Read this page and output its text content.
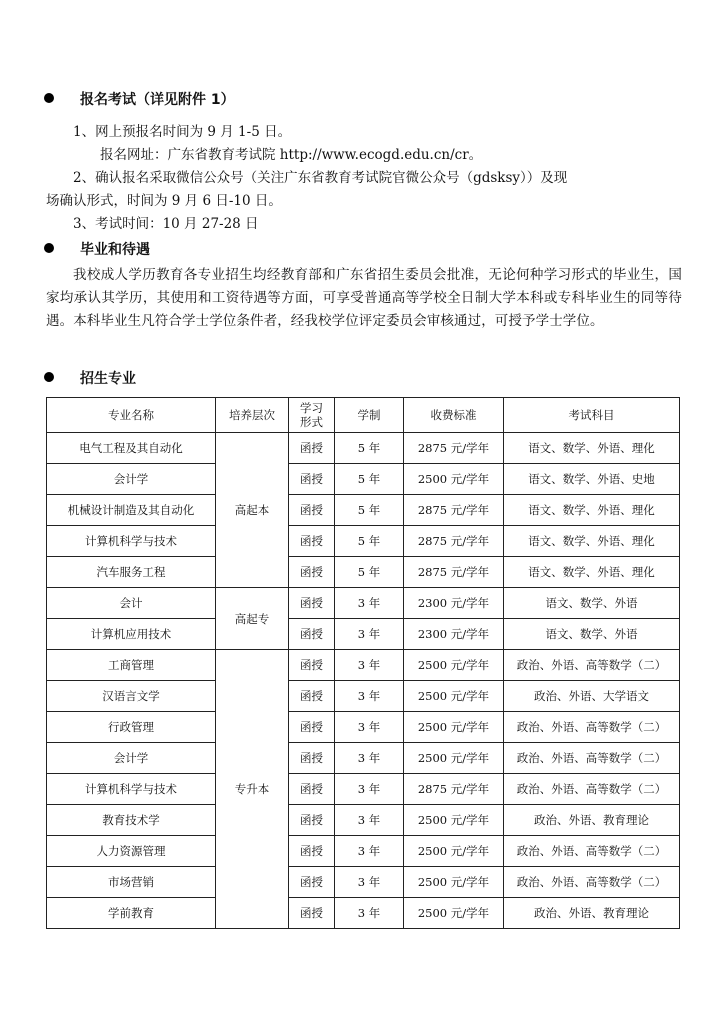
报名考试（详见附件 1）
1、网上预报名时间为 9 月 1-5 日。
报名网址：广东省教育考试院 http://www.ecogd.edu.cn/cr。
2、确认报名采取微信公众号（关注广东省教育考试院官微公众号（gdsksy））及现
场确认形式，时间为 9 月 6 日-10 日。
3、考试时间：10 月 27-28 日
毕业和待遇
我校成人学历教育各专业招生均经教育部和广东省招生委员会批准，无论何种学习形式的毕业生，国家均承认其学历，其使用和工资待遇等方面，可享受普通高等学校全日制大学本科或专科毕业生的同等待遇。本科毕业生凡符合学士学位条件者，经我校学位评定委员会审核通过，可授予学士学位。
招生专业
专业名称	培养层次	学习形式	学制	收费标准	考试科目
电气工程及其自动化	高起本	函授	5 年	2875 元/学年	语文、数学、外语、理化
会计学		函授	5 年	2500 元/学年	语文、数学、外语、史地
机械设计制造及其自动化		函授	5 年	2875 元/学年	语文、数学、外语、理化
计算机科学与技术		函授	5 年	2875 元/学年	语文、数学、外语、理化
汽车服务工程		函授	5 年	2875 元/学年	语文、数学、外语、理化
会计	高起专	函授	3 年	2300 元/学年	语文、数学、外语
计算机应用技术		函授	3 年	2300 元/学年	语文、数学、外语
工商管理	专升本	函授	3 年	2500 元/学年	政治、外语、高等数学（二）
汉语言文学		函授	3 年	2500 元/学年	政治、外语、大学语文
行政管理		函授	3 年	2500 元/学年	政治、外语、高等数学（二）
会计学		函授	3 年	2500 元/学年	政治、外语、高等数学（二）
计算机科学与技术		函授	3 年	2875 元/学年	政治、外语、高等数学（二）
教育技术学		函授	3 年	2500 元/学年	政治、外语、教育理论
人力资源管理		函授	3 年	2500 元/学年	政治、外语、高等数学（二）
市场营销		函授	3 年	2500 元/学年	政治、外语、高等数学（二）
学前教育		函授	3 年	2500 元/学年	政治、外语、教育理论
